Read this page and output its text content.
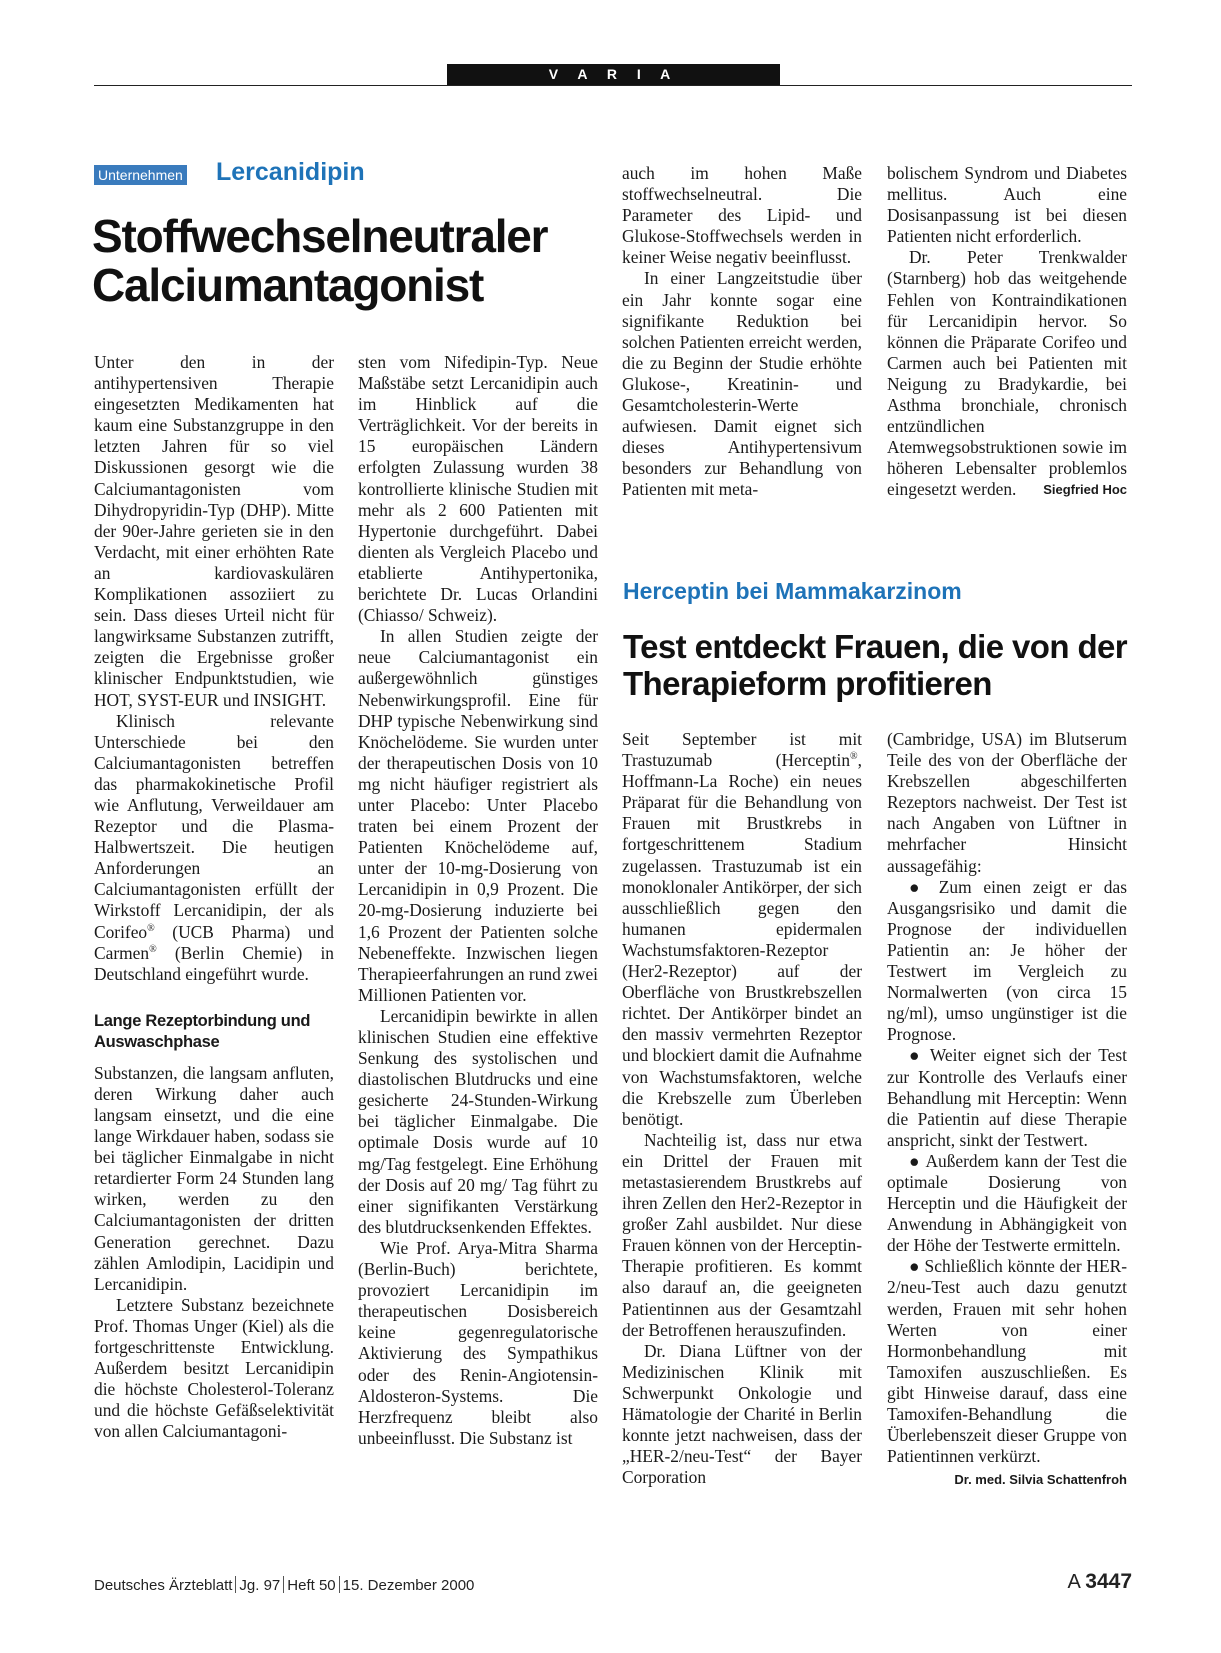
V A R I A
Unternehmen Lercanidipin
Stoffwechselneutraler
Calciumantagonist

Unter den in der antihypertensiven Therapie eingesetzten Medikamenten hat kaum eine Substanzgruppe in den letzten Jahren für so viel Diskussionen gesorgt wie die Calciumantagonisten vom Dihydropyridin-Typ (DHP). Mitte der 90er-Jahre gerieten sie in den Verdacht, mit einer erhöhten Rate an kardiovaskulären Komplikationen assoziiert zu sein. Dass dieses Urteil nicht für langwirksame Substanzen zutrifft, zeigten die Ergebnisse großer klinischer Endpunktstudien, wie HOT, SYST-EUR und INSIGHT.

Klinisch relevante Unterschiede bei den Calciumantagonisten betreffen das pharmakokinetische Profil wie Anflutung, Verweildauer am Rezeptor und die Plasma-Halbwertszeit. Die heutigen Anforderungen an Calciumantagonisten erfüllt der Wirkstoff Lercanidipin, der als Corifeo® (UCB Pharma) und Carmen® (Berlin Chemie) in Deutschland eingeführt wurde.

Lange Rezeptorbindung und Auswaschphase

Substanzen, die langsam anfluten, deren Wirkung daher auch langsam einsetzt, und die eine lange Wirkdauer haben, sodass sie bei täglicher Einmalgabe in nicht retardierter Form 24 Stunden lang wirken, werden zu den Calciumantagonisten der dritten Generation gerechnet. Dazu zählen Amlodipin, Lacidipin und Lercanidipin.

Letztere Substanz bezeichnete Prof. Thomas Unger (Kiel) als die fortgeschrittenste Entwicklung. Außerdem besitzt Lercanidipin die höchste Cholesterol-Toleranz und die höchste Gefäßselektivität von allen Calciumantagoni-

sten vom Nifedipin-Typ. Neue Maßstäbe setzt Lercanidipin auch im Hinblick auf die Verträglichkeit. Vor der bereits in 15 europäischen Ländern erfolgten Zulassung wurden 38 kontrollierte klinische Studien mit mehr als 2 600 Patienten mit Hypertonie durchgeführt. Dabei dienten als Vergleich Placebo und etablierte Antihypertonika, berichtete Dr. Lucas Orlandini (Chiasso/ Schweiz).

In allen Studien zeigte der neue Calciumantagonist ein außergewöhnlich günstiges Nebenwirkungsprofil. Eine für DHP typische Nebenwirkung sind Knöchelödeme. Sie wurden unter der therapeutischen Dosis von 10 mg nicht häufiger registriert als unter Placebo: Unter Placebo traten bei einem Prozent der Patienten Knöchelödeme auf, unter der 10-mg-Dosierung von Lercanidipin in 0,9 Prozent. Die 20-mg-Dosierung induzierte bei 1,6 Prozent der Patienten solche Nebeneffekte. Inzwischen liegen Therapieerfahrungen an rund zwei Millionen Patienten vor.

Lercanidipin bewirkte in allen klinischen Studien eine effektive Senkung des systolischen und diastolischen Blutdrucks und eine gesicherte 24-Stunden-Wirkung bei täglicher Einmalgabe. Die optimale Dosis wurde auf 10 mg/Tag festgelegt. Eine Erhöhung der Dosis auf 20 mg/ Tag führt zu einer signifikanten Verstärkung des blutdrucksenkenden Effektes.

Wie Prof. Arya-Mitra Sharma (Berlin-Buch) berichtete, provoziert Lercanidipin im therapeutischen Dosisbereich keine gegenregulatorische Aktivierung des Sympathikus oder des Renin-Angiotensin-Aldosteron-Systems. Die Herzfrequenz bleibt also unbeeinflusst. Die Substanz ist

auch im hohen Maße stoffwechselneutral. Die Parameter des Lipid- und Glukose-Stoffwechsels werden in keiner Weise negativ beeinflusst.

In einer Langzeitstudie über ein Jahr konnte sogar eine signifikante Reduktion bei solchen Patienten erreicht werden, die zu Beginn der Studie erhöhte Glukose-, Kreatinin- und Gesamtcholesterin-Werte aufwiesen. Damit eignet sich dieses Antihypertensivum besonders zur Behandlung von Patienten mit meta-

bolischem Syndrom und Diabetes mellitus. Auch eine Dosisanpassung ist bei diesen Patienten nicht erforderlich.

Dr. Peter Trenkwalder (Starnberg) hob das weitgehende Fehlen von Kontraindikationen für Lercanidipin hervor. So können die Präparate Corifeo und Carmen auch bei Patienten mit Neigung zu Bradykardie, bei Asthma bronchiale, chronisch entzündlichen Atemwegsobstruktionen sowie im höheren Lebensalter problemlos eingesetzt werden.	Siegfried Hoc

Herceptin bei Mammakarzinom
Test entdeckt Frauen, die von der
Therapieform profitieren

Seit September ist mit Trastuzumab (Herceptin®, Hoffmann-La Roche) ein neues Präparat für die Behandlung von Frauen mit Brustkrebs in fortgeschrittenem Stadium zugelassen. Trastuzumab ist ein monoklonaler Antikörper, der sich ausschließlich gegen den humanen epidermalen Wachstumsfaktoren-Rezeptor (Her2-Rezeptor) auf der Oberfläche von Brustkrebszellen richtet. Der Antikörper bindet an den massiv vermehrten Rezeptor und blockiert damit die Aufnahme von Wachstumsfaktoren, welche die Krebszelle zum Überleben benötigt.

Nachteilig ist, dass nur etwa ein Drittel der Frauen mit metastasierendem Brustkrebs auf ihren Zellen den Her2-Rezeptor in großer Zahl ausbildet. Nur diese Frauen können von der Herceptin-Therapie profitieren. Es kommt also darauf an, die geeigneten Patientinnen aus der Gesamtzahl der Betroffenen herauszufinden.

Dr. Diana Lüftner von der Medizinischen Klinik mit Schwerpunkt Onkologie und Hämatologie der Charité in Berlin konnte jetzt nachweisen, dass der „HER-2/neu-Test“ der Bayer Corporation

(Cambridge, USA) im Blutserum Teile des von der Oberfläche der Krebszellen abgeschilferten Rezeptors nachweist. Der Test ist nach Angaben von Lüftner in mehrfacher Hinsicht aussagefähig:

● Zum einen zeigt er das Ausgangsrisiko und damit die Prognose der individuellen Patientin an: Je höher der Testwert im Vergleich zu Normalwerten (von circa 15 ng/ml), umso ungünstiger ist die Prognose.

● Weiter eignet sich der Test zur Kontrolle des Verlaufs einer Behandlung mit Herceptin: Wenn die Patientin auf diese Therapie anspricht, sinkt der Testwert.

● Außerdem kann der Test die optimale Dosierung von Herceptin und die Häufigkeit der Anwendung in Abhängigkeit von der Höhe der Testwerte ermitteln.

● Schließlich könnte der HER-2/neu-Test auch dazu genutzt werden, Frauen mit sehr hohen Werten von einer Hormonbehandlung mit Tamoxifen auszuschließen. Es gibt Hinweise darauf, dass eine Tamoxifen-Behandlung die Überlebenszeit dieser Gruppe von Patientinnen verkürzt.

Dr. med. Silvia Schattenfroh
Deutsches Ärzteblatt Jg. 97 Heft 50 15. Dezember 2000	A 3447
